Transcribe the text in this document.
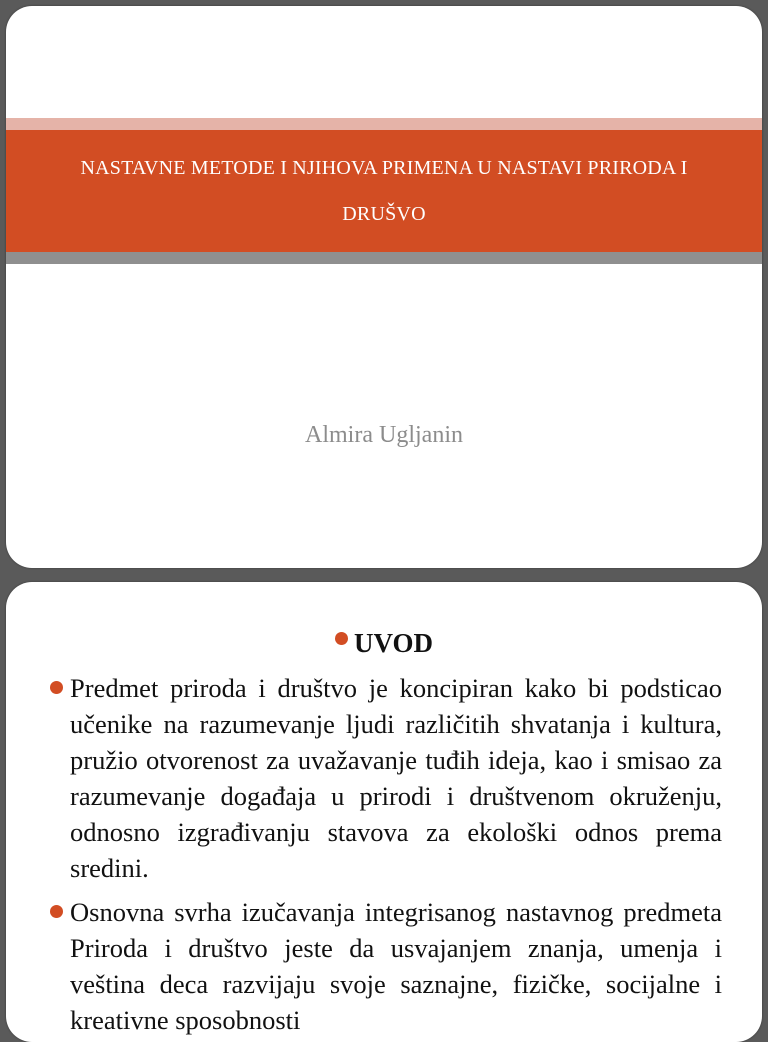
NASTAVNE METODE I NJIHOVA PRIMENA U NASTAVI PRIRODA I DRUŠVO
Almira Ugljanin
UVOD
Predmet priroda i društvo je koncipiran kako bi podsticao učenike na razumevanje ljudi različitih shvatanja i kultura, pružio otvorenost za uvažavanje tuđih ideja, kao i smisao za razumevanje događaja u prirodi i društvenom okruženju, odnosno izgrađivanju stavova za ekološki odnos prema sredini.
Osnovna svrha izučavanja integrisanog nastavnog predmeta Priroda i društvo jeste da usvajanjem znanja, umenja i veština deca razvijaju svoje saznajne, fizičke, socijalne i kreativne sposobnosti
